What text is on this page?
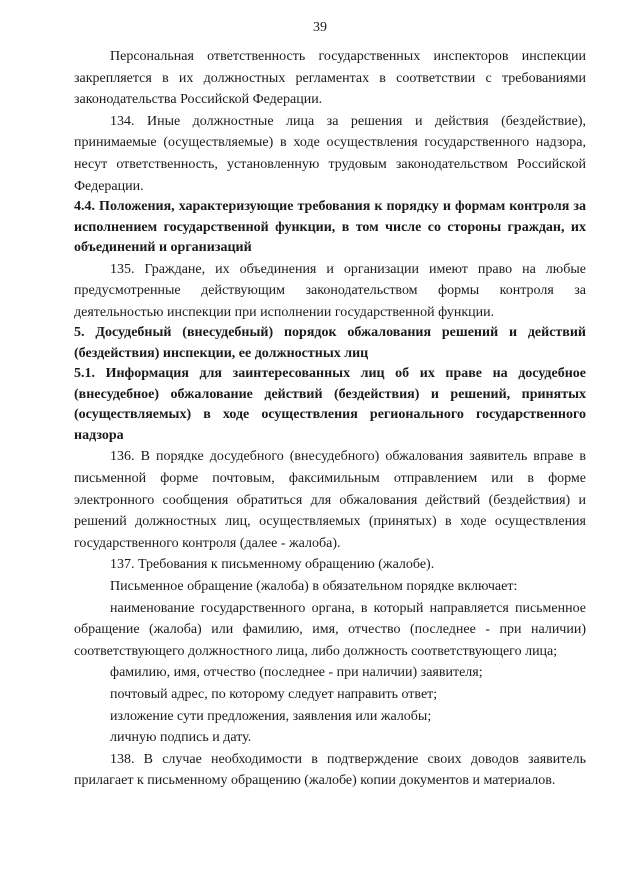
39

Персональная ответственность государственных инспекторов инспекции закрепляется в их должностных регламентах в соответствии с требованиями законодательства Российской Федерации.

134. Иные должностные лица за решения и действия (бездействие), принимаемые (осуществляемые) в ходе осуществления государственного надзора, несут ответственность, установленную трудовым законодательством Российской Федерации.

4.4. Положения, характеризующие требования к порядку и формам контроля за исполнением государственной функции, в том числе со стороны граждан, их объединений и организаций

135. Граждане, их объединения и организации имеют право на любые предусмотренные действующим законодательством формы контроля за деятельностью инспекции при исполнении государственной функции.

5. Досудебный (внесудебный) порядок обжалования решений и действий (бездействия) инспекции, ее должностных лиц

5.1. Информация для заинтересованных лиц об их праве на досудебное (внесудебное) обжалование действий (бездействия) и решений, принятых (осуществляемых) в ходе осуществления регионального государственного надзора

136. В порядке досудебного (внесудебного) обжалования заявитель вправе в письменной форме почтовым, факсимильным отправлением или в форме электронного сообщения обратиться для обжалования действий (бездействия) и решений должностных лиц, осуществляемых (принятых) в ходе осуществления государственного контроля (далее - жалоба).

137. Требования к письменному обращению (жалобе).

Письменное обращение (жалоба) в обязательном порядке включает:

наименование государственного органа, в который направляется письменное обращение (жалоба) или фамилию, имя, отчество (последнее - при наличии) соответствующего должностного лица, либо должность соответствующего лица;

фамилию, имя, отчество (последнее - при наличии) заявителя;

почтовый адрес, по которому следует направить ответ;

изложение сути предложения, заявления или жалобы;

личную подпись и дату.

138. В случае необходимости в подтверждение своих доводов заявитель прилагает к письменному обращению (жалобе) копии документов и материалов.
